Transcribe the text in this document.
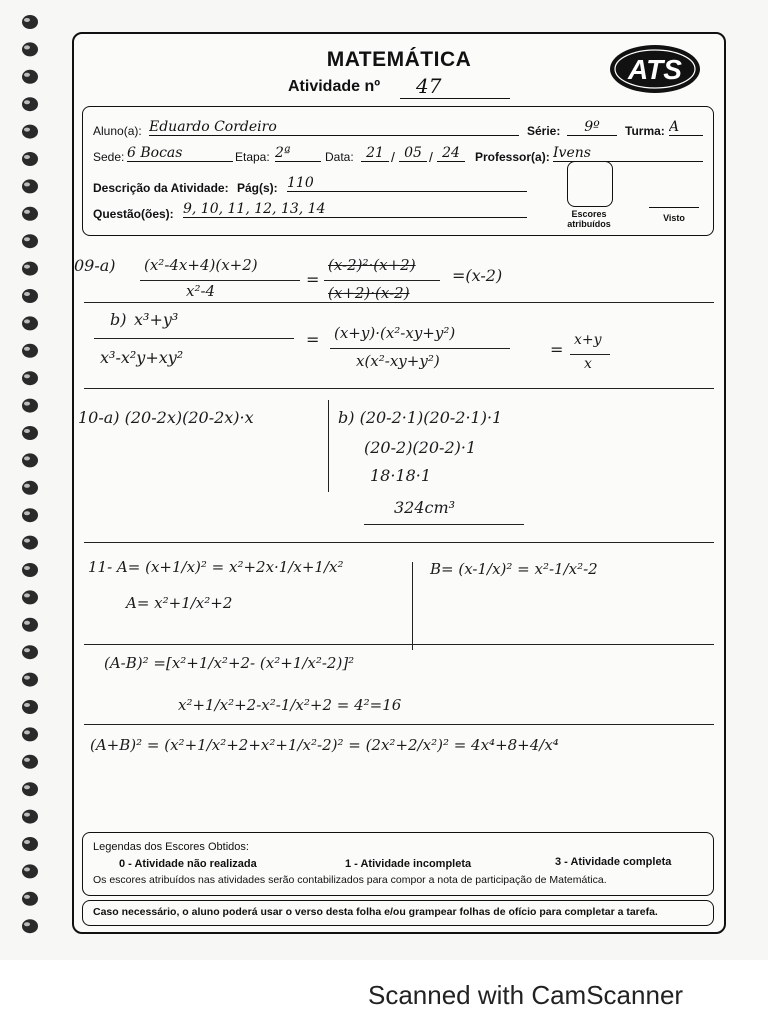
MATEMÁTICA
Atividade nº	47
ATS
Aluno(a): Eduardo Cordeiro	Série:	9º	Turma: A
Sede: 6 Bocas	Etapa: 2ª	Data: 21 / 05 / 24	Professor(a): Ivens
Descrição da Atividade: Pág(s): 110
Questão(ões): 9, 10, 11, 12, 13, 14	Escores atribuídos
Visto
09-a) (x²-4x+4)(x+2)
x²-4
=
(x-2)²·(x+2)
(x+2)·(x-2)
=(x-2)
b) x³+y³
x³-x²y+xy²
= (x+y)·(x²-xy+y²)
x(x²-xy+y²)
= x+y
x
10-a) (20-2x)(20-2x)·x	b) (20-2·1)(20-2·1)·1
(20-2)(20-2)·1
18·18·1
324cm³
11- A= (x+1/x)² = x²+2x·1/x+1/x²
A= x²+1/x²+2
B= (x-1/x)² = x²-1/x²-2
(A-B)² =[x²+1/x²+2- (x²+1/x²-2)]²
x²+1/x²+2-x²-1/x²+2 = 4²=16
(A+B)² = (x²+1/x²+2+x²+1/x²-2)² = (2x²+2/x²)² = 4x⁴+8+4/x⁴
Legendas dos Escores Obtidos:
0 - Atividade não realizada	1 - Atividade incompleta	3 - Atividade completa
Os escores atribuídos nas atividades serão contabilizados para compor a nota de participação de Matemática.
Caso necessário, o aluno poderá usar o verso desta folha e/ou grampear folhas de ofício para completar a tarefa.
Scanned with CamScanner
